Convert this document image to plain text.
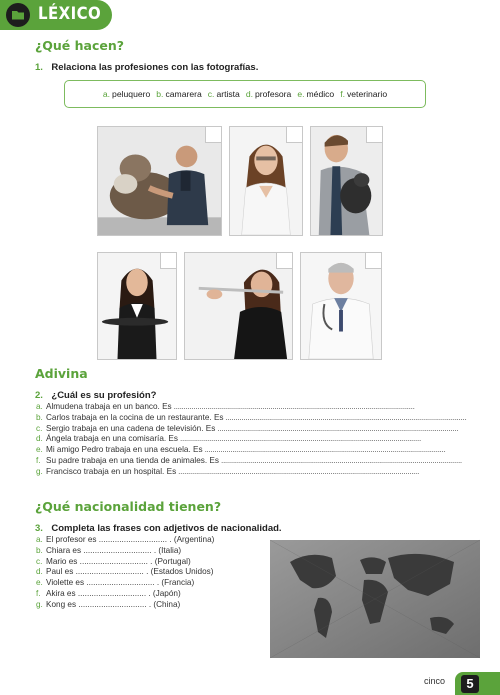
LÉXICO
¿Qué hacen?
1. Relaciona las profesiones con las fotografías.
a. peluquero b. camarera c. artista d. profesora e. médico f. veterinario
Adivina
2. ¿Cuál es su profesión?
a. Almudena trabaja en un banco. Es ..........................................................................................................................
b. Carlos trabaja en la cocina de un restaurante. Es ..........................................................................................................................
c. Sergio trabaja en una cadena de televisión. Es ..........................................................................................................................
d. Ángela trabaja en una comisaría. Es ..........................................................................................................................
e. Mi amigo Pedro trabaja en una escuela. Es ..........................................................................................................................
f. Su padre trabaja en una tienda de animales. Es ..........................................................................................................................
g. Francisco trabaja en un hospital. Es ..........................................................................................................................
¿Qué nacionalidad tienen?
3. Completa las frases con adjetivos de nacionalidad.
a. El profesor es .............................. . (Argentina)
b. Chiara es .............................. . (Italia)
c. Mario es .............................. . (Portugal)
d. Paul es .............................. . (Estados Unidos)
e. Violette es .............................. . (Francia)
f. Akira es .............................. . (Japón)
g. Kong es .............................. . (China)
cinco	5
